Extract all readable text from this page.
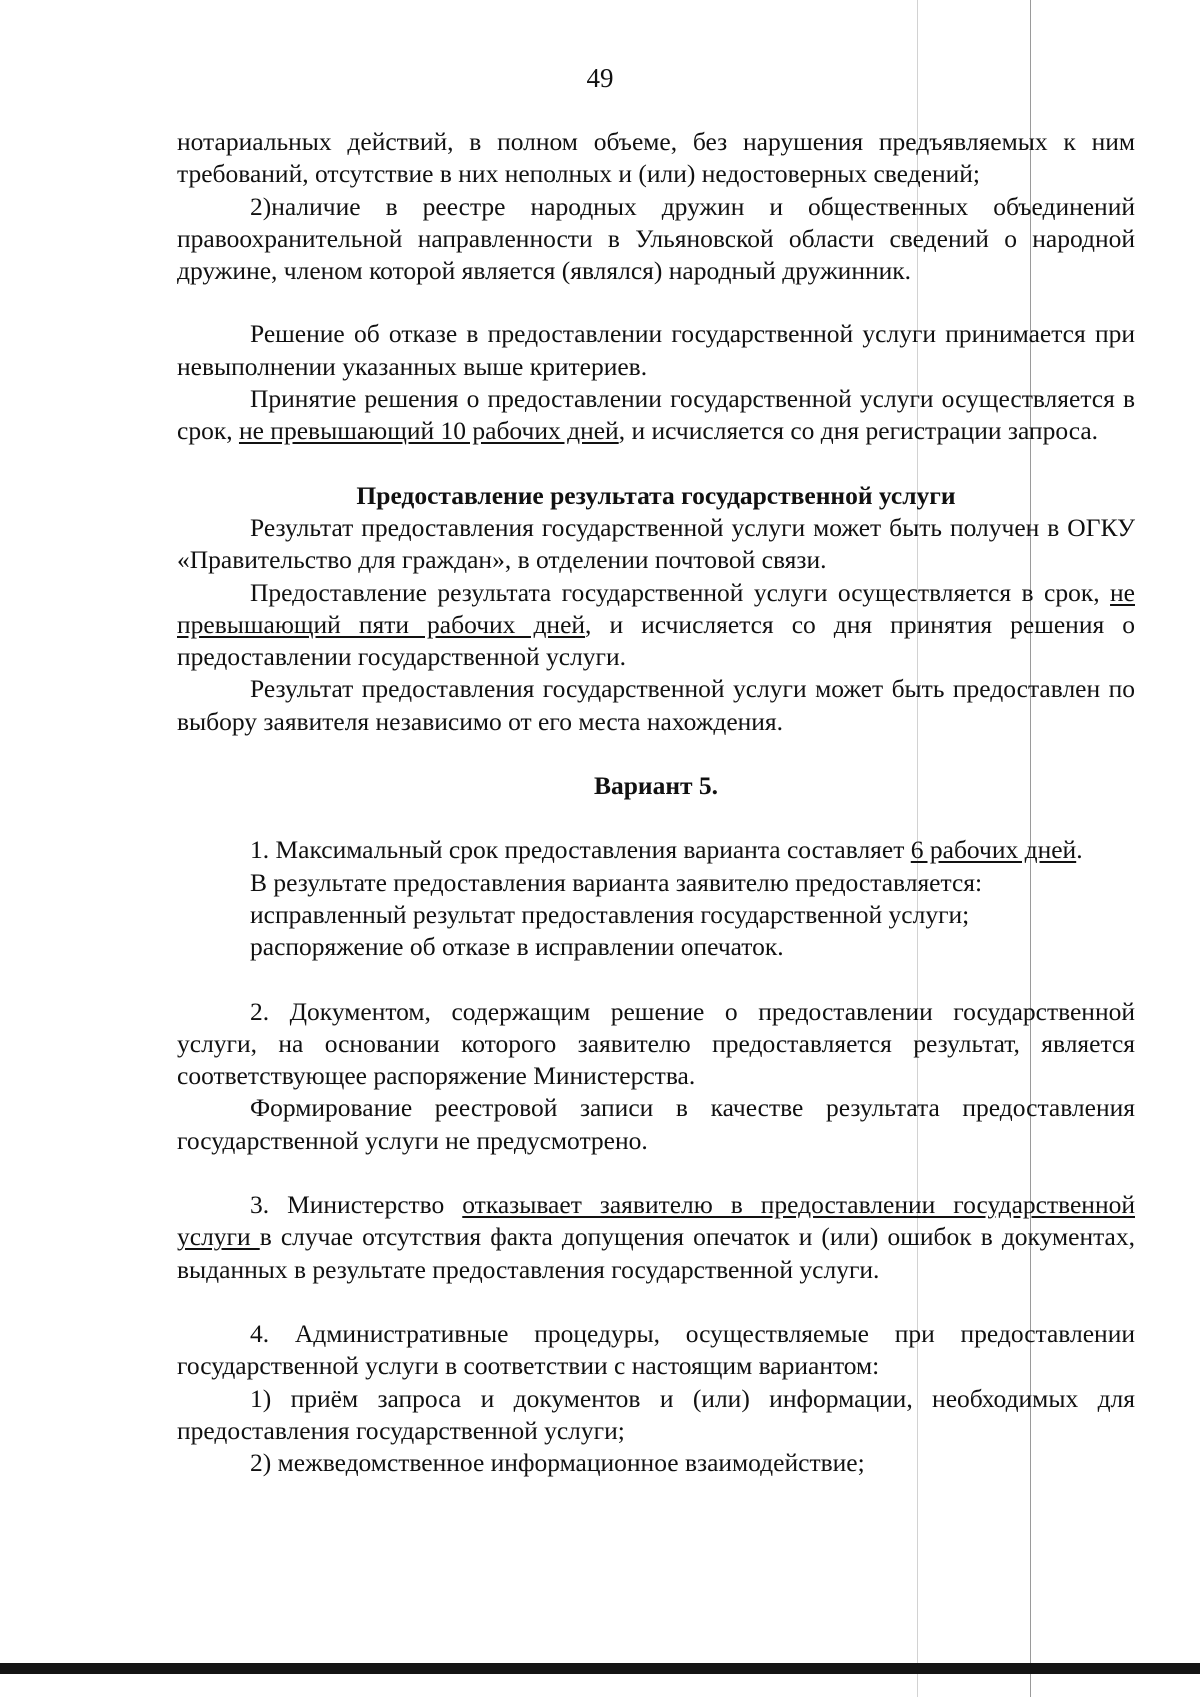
49

нотариальных действий, в полном объеме, без нарушения предъявляемых к ним требований, отсутствие в них неполных и (или) недостоверных сведений;

2)наличие в реестре народных дружин и общественных объединений правоохранительной направленности в Ульяновской области сведений о народной дружине, членом которой является (являлся) народный дружинник.

Решение об отказе в предоставлении государственной услуги принимается при невыполнении указанных выше критериев.

Принятие решения о предоставлении государственной услуги осуществляется в срок, не превышающий 10 рабочих дней, и исчисляется со дня регистрации запроса.

Предоставление результата государственной услуги

Результат предоставления государственной услуги может быть получен в ОГКУ «Правительство для граждан», в отделении почтовой связи.

Предоставление результата государственной услуги осуществляется в срок, не превышающий пяти рабочих дней, и исчисляется со дня принятия решения о предоставлении государственной услуги.

Результат предоставления государственной услуги может быть предоставлен по выбору заявителя независимо от его места нахождения.

Вариант 5.

1. Максимальный срок предоставления варианта составляет 6 рабочих дней.

В результате предоставления варианта заявителю предоставляется:

исправленный результат предоставления государственной услуги;

распоряжение об отказе в исправлении опечаток.

2. Документом, содержащим решение о предоставлении государственной услуги, на основании которого заявителю предоставляется результат, является соответствующее распоряжение Министерства.

Формирование реестровой записи в качестве результата предоставления государственной услуги не предусмотрено.

3. Министерство отказывает заявителю в предоставлении государственной услуги в случае отсутствия факта допущения опечаток и (или) ошибок в документах, выданных в результате предоставления государственной услуги.

4. Административные процедуры, осуществляемые при предоставлении государственной услуги в соответствии с настоящим вариантом:

1) приём запроса и документов и (или) информации, необходимых для предоставления государственной услуги;

2) межведомственное информационное взаимодействие;
